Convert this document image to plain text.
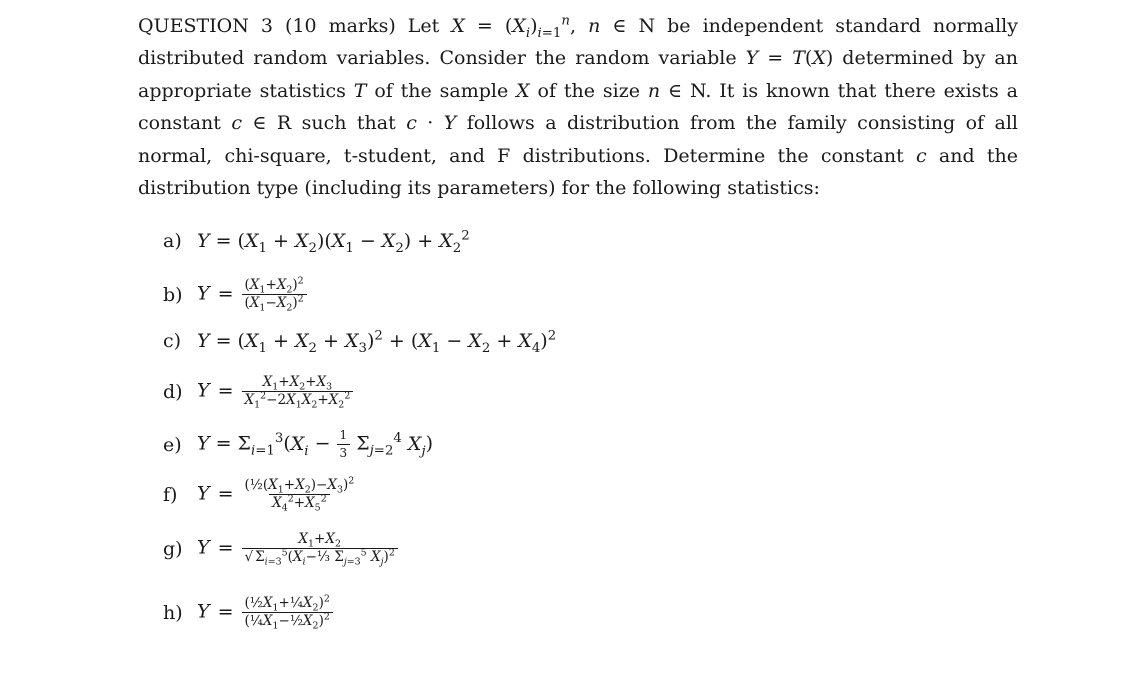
QUESTION 3 (10 marks) Let $X = (X_i)_{i=1}^n$, n ∈ N be independent standard normally distributed random variables. Consider the random variable Y = T(X) determined by an appropriate statistics T of the sample X of the size n ∈ N. It is known that there exists a constant c ∈ R such that c · Y follows a distribution from the family consisting of all normal, chi-square, t-student, and F distributions. Determine the constant c and the distribution type (including its parameters) for the following statistics:
a) $Y = (X_1 + X_2)(X_1 - X_2) + X_2^2$
b) $Y = \frac{(X_1+X_2)^2}{(X_1-X_2)^2}$
c) $Y = (X_1 + X_2 + X_3)^2 + (X_1 - X_2 + X_4)^2$
d) $Y = \frac{X_1+X_2+X_3}{X_1^2-2X_1X_2+X_2^2}$
e) $Y = \Sigma_{i=1}^3(X_i - \frac{1}{3} \Sigma_{j=2}^4$ $X_j$)
f)	$Y = \frac{(\frac{1}{2}(X_1+X_2)-X_3)^2}{X_4^2+X_5^2}$
g) $Y = \frac{X_1+X_2}{√ \Sigma_{i=3}^5(X_i-\frac{1}{3} \Sigma_{j=3}^5 X_j)^2}$
h) $Y = \frac{(\frac{1}{2}X_1+\frac{1}{4}X_2)^2}{(\frac{1}{4}X_1-\frac{1}{2}X_2)^2}$
